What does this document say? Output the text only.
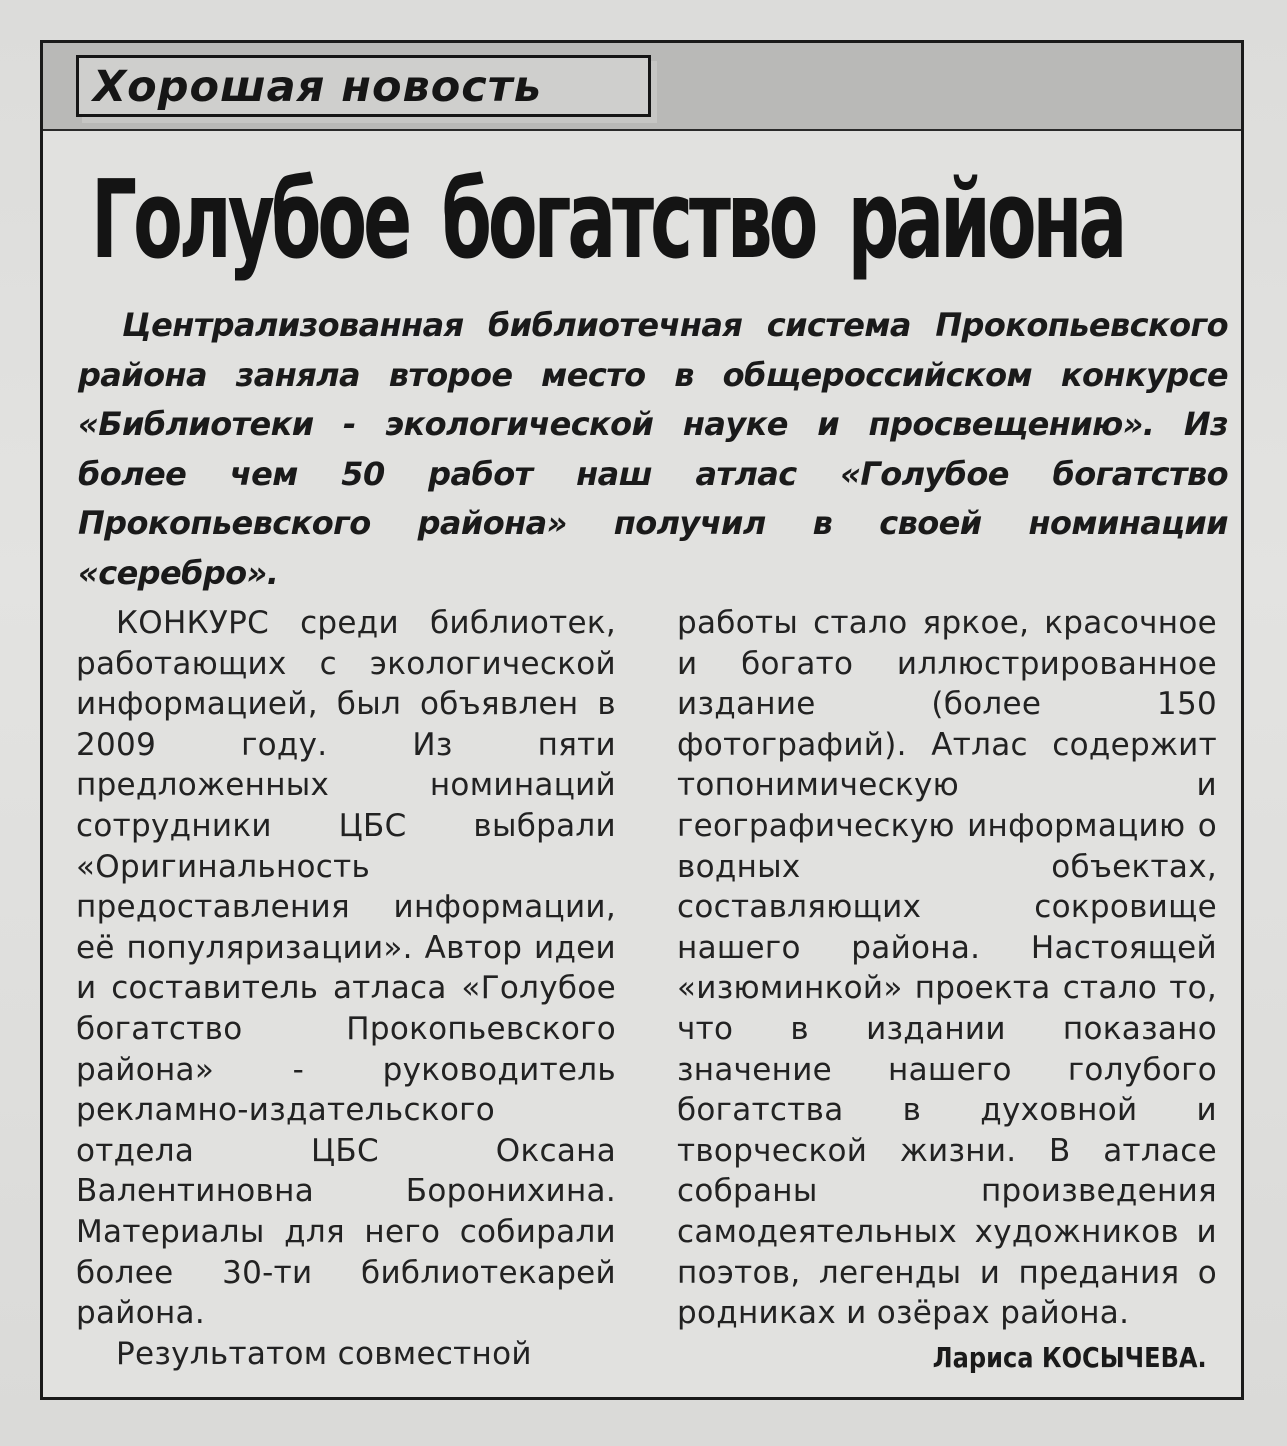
Хорошая новость
Голубое богатство района
Централизованная библиотечная система Прокопьевского района заняла второе место в общероссийском конкурсе «Библиотеки - экологической науке и просвещению». Из более чем 50 работ наш атлас «Голубое богатство Прокопьевского района» получил в своей номинации «серебро».

КОНКУРС среди библиотек, работающих с экологической информацией, был объявлен в 2009 году. Из пяти предложенных номинаций сотрудники ЦБС выбрали «Оригинальность предоставления информации, её популяризации». Автор идеи и составитель атласа «Голубое богатство Прокопьевского района» - руководитель рекламно-издательского отдела ЦБС Оксана Валентиновна Боронихина. Материалы для него собирали более 30-ти библиотекарей района.

Результатом совместной

работы стало яркое, красочное и богато иллюстрированное издание (более 150 фотографий). Атлас содержит топонимическую и географическую информацию о водных объектах, составляющих сокровище нашего района. Настоящей «изюминкой» проекта стало то, что в издании показано значение нашего голубого богатства в духовной и творческой жизни. В атласе собраны произведения самодеятельных художников и поэтов, легенды и предания о родниках и озёрах района.

Лариса КОСЫЧЕВА.
